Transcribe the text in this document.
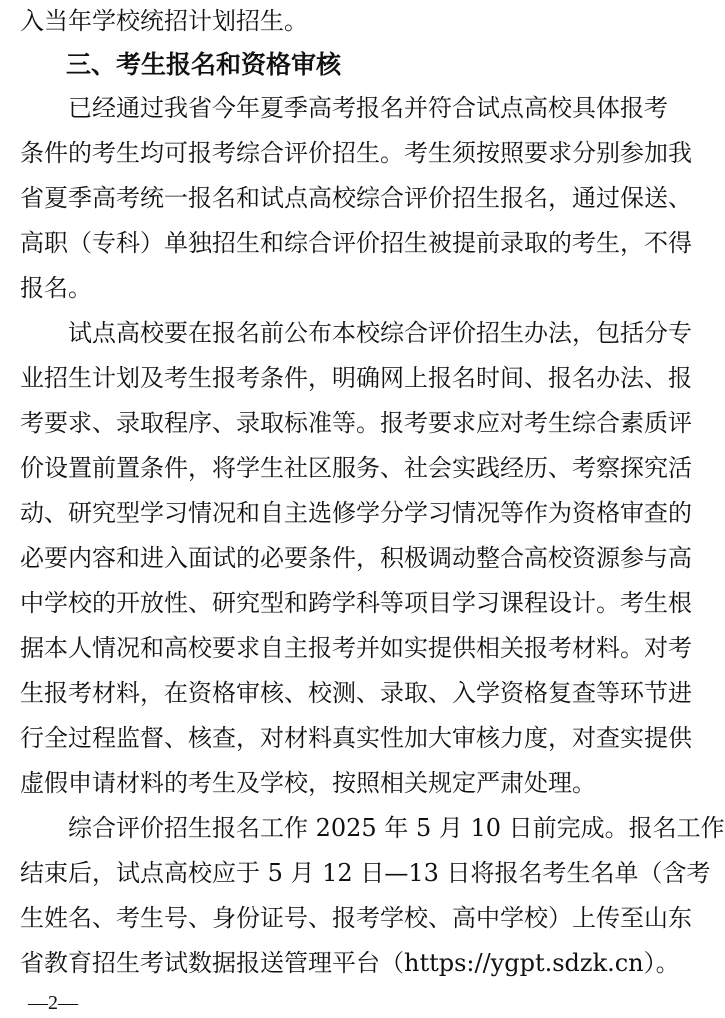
入当年学校统招计划招生。
三、考生报名和资格审核
已经通过我省今年夏季高考报名并符合试点高校具体报考
条件的考生均可报考综合评价招生。考生须按照要求分别参加我
省夏季高考统一报名和试点高校综合评价招生报名，通过保送、
高职（专科）单独招生和综合评价招生被提前录取的考生，不得
报名。
试点高校要在报名前公布本校综合评价招生办法，包括分专
业招生计划及考生报考条件，明确网上报名时间、报名办法、报
考要求、录取程序、录取标准等。报考要求应对考生综合素质评
价设置前置条件，将学生社区服务、社会实践经历、考察探究活
动、研究型学习情况和自主选修学分学习情况等作为资格审查的
必要内容和进入面试的必要条件，积极调动整合高校资源参与高
中学校的开放性、研究型和跨学科等项目学习课程设计。考生根
据本人情况和高校要求自主报考并如实提供相关报考材料。对考
生报考材料，在资格审核、校测、录取、入学资格复查等环节进
行全过程监督、核查，对材料真实性加大审核力度，对查实提供
虚假申请材料的考生及学校，按照相关规定严肃处理。
综合评价招生报名工作 2025 年 5 月 10 日前完成。报名工作
结束后，试点高校应于 5 月 12 日—13 日将报名考生名单（含考
生姓名、考生号、身份证号、报考学校、高中学校）上传至山东
省教育招生考试数据报送管理平台（https://ygpt.sdzk.cn）。
—2—
